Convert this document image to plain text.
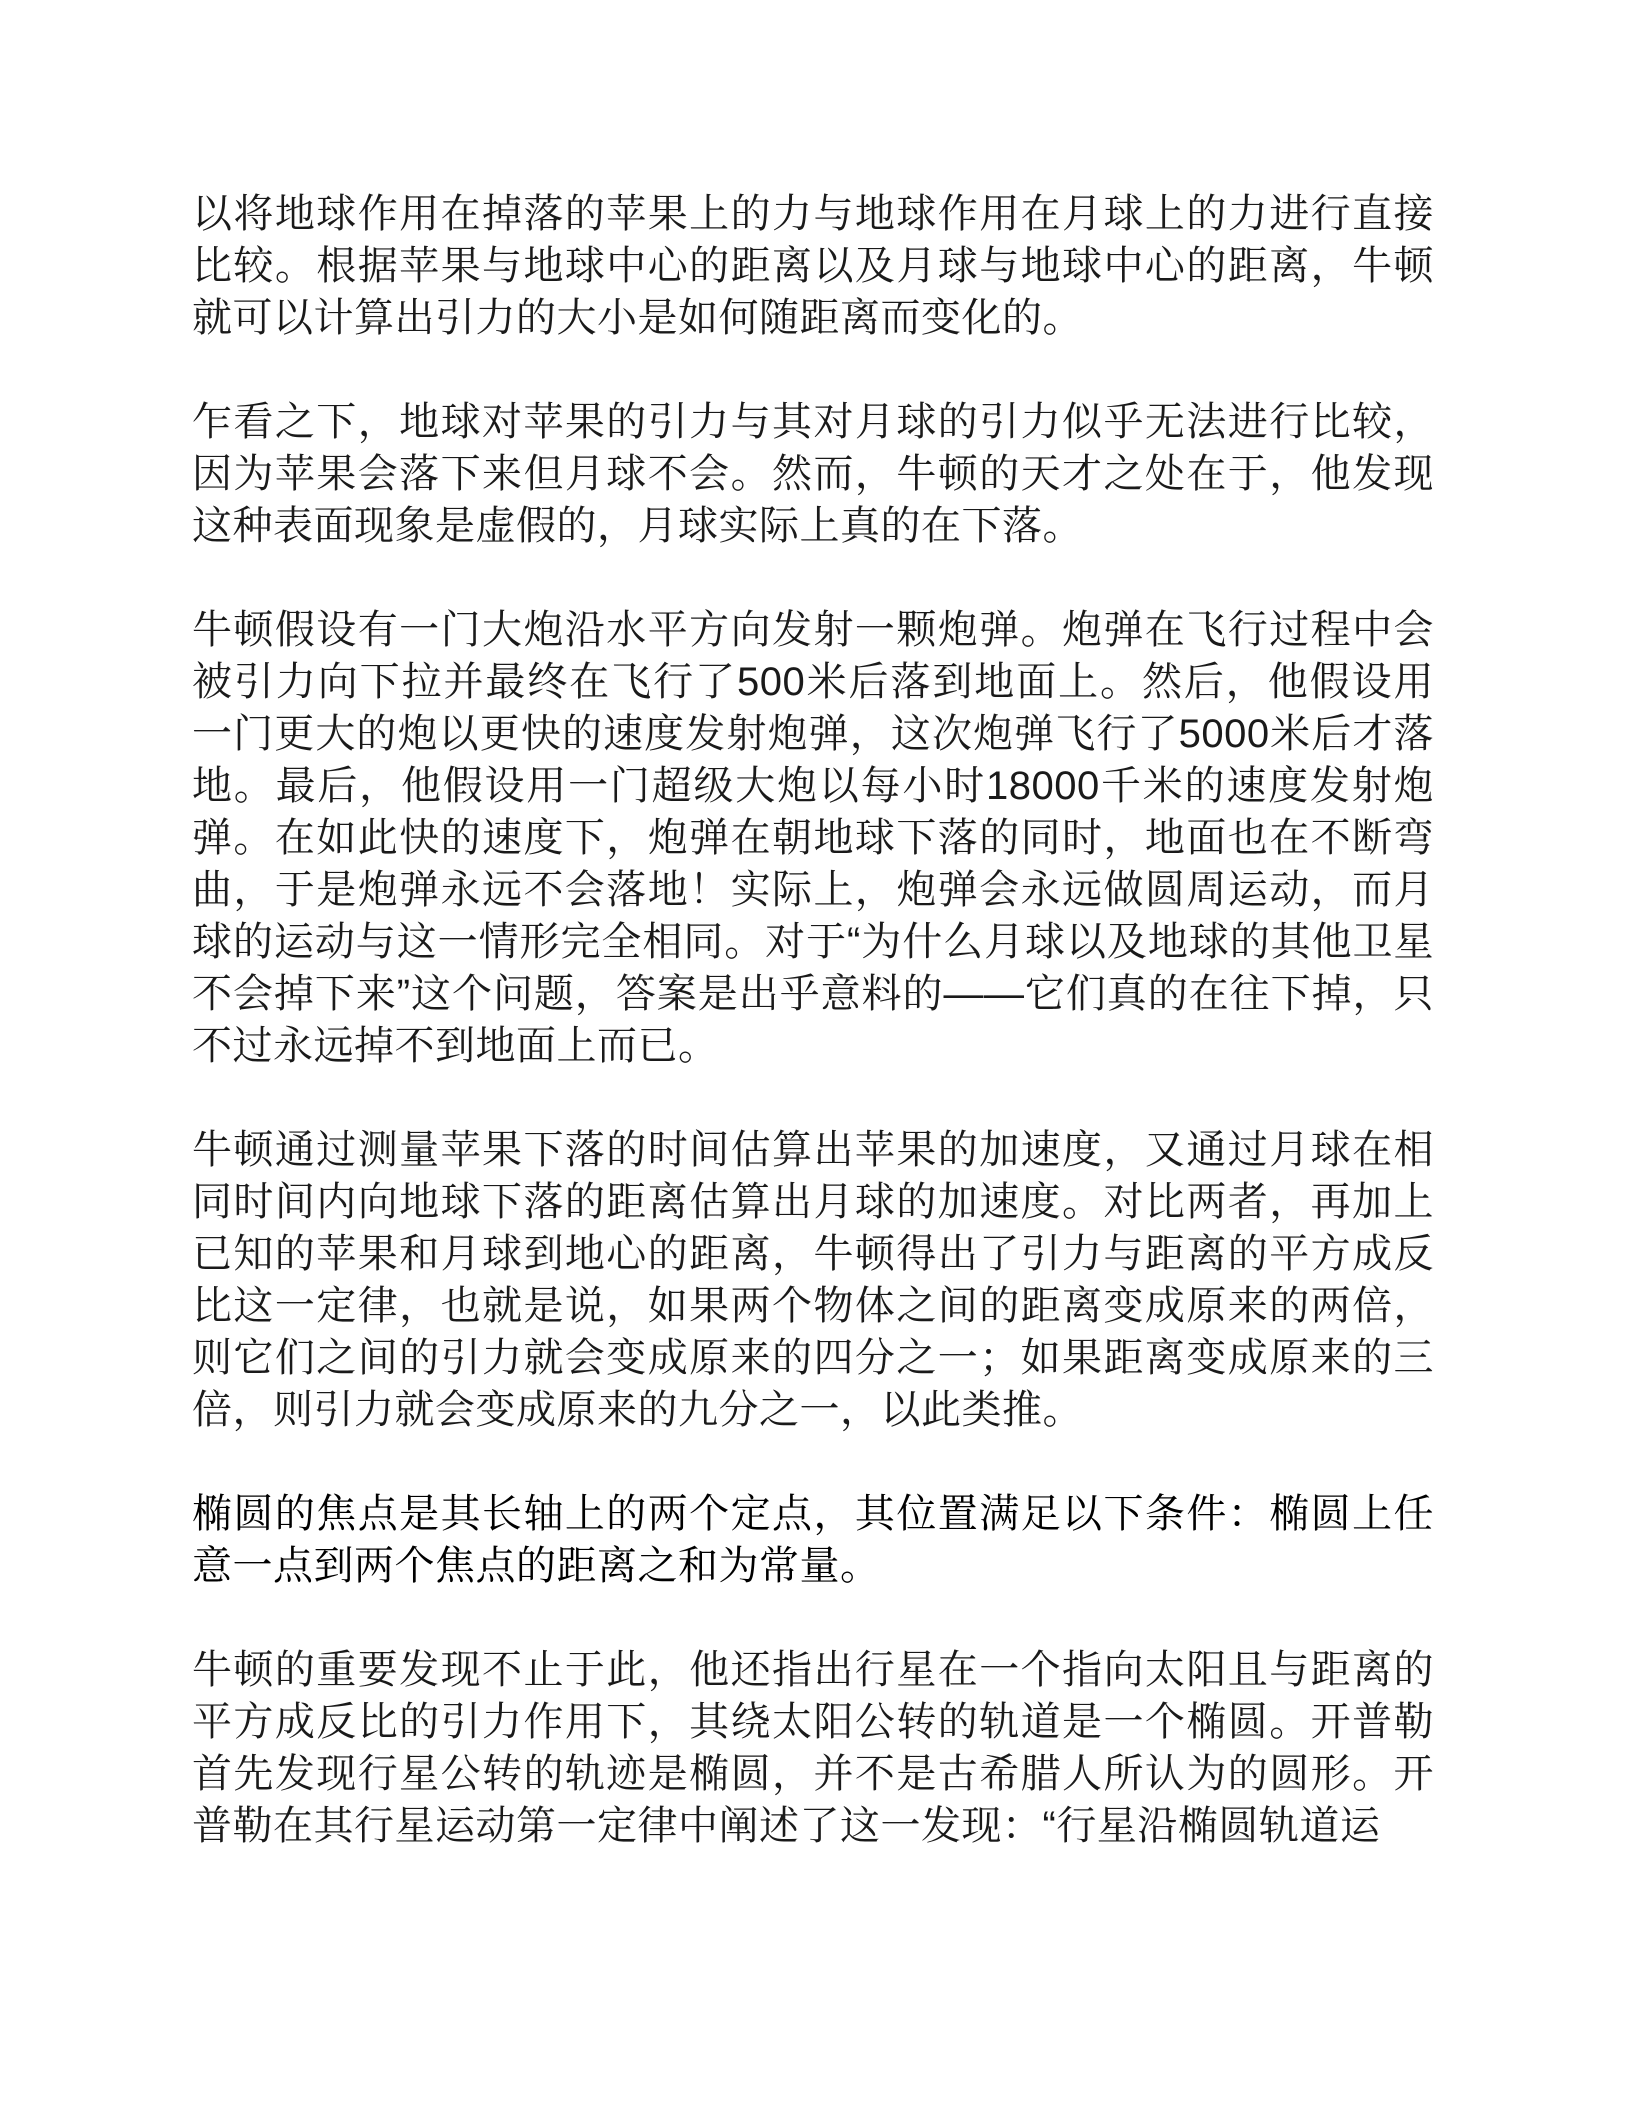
以将地球作用在掉落的苹果上的力与地球作用在月球上的力进行直接比较。根据苹果与地球中心的距离以及月球与地球中心的距离，牛顿就可以计算出引力的大小是如何随距离而变化的。

乍看之下，地球对苹果的引力与其对月球的引力似乎无法进行比较，因为苹果会落下来但月球不会。然而，牛顿的天才之处在于，他发现这种表面现象是虚假的，月球实际上真的在下落。

牛顿假设有一门大炮沿水平方向发射一颗炮弹。炮弹在飞行过程中会被引力向下拉并最终在飞行了500米后落到地面上。然后，他假设用一门更大的炮以更快的速度发射炮弹，这次炮弹飞行了5000米后才落地。最后，他假设用一门超级大炮以每小时18000千米的速度发射炮弹。在如此快的速度下，炮弹在朝地球下落的同时，地面也在不断弯曲，于是炮弹永远不会落地！实际上，炮弹会永远做圆周运动，而月球的运动与这一情形完全相同。对于“为什么月球以及地球的其他卫星不会掉下来”这个问题，答案是出乎意料的——它们真的在往下掉，只不过永远掉不到地面上而已。

牛顿通过测量苹果下落的时间估算出苹果的加速度，又通过月球在相同时间内向地球下落的距离估算出月球的加速度。对比两者，再加上已知的苹果和月球到地心的距离，牛顿得出了引力与距离的平方成反比这一定律，也就是说，如果两个物体之间的距离变成原来的两倍，则它们之间的引力就会变成原来的四分之一；如果距离变成原来的三倍，则引力就会变成原来的九分之一，以此类推。

椭圆的焦点是其长轴上的两个定点，其位置满足以下条件：椭圆上任意一点到两个焦点的距离之和为常量。

牛顿的重要发现不止于此，他还指出行星在一个指向太阳且与距离的平方成反比的引力作用下，其绕太阳公转的轨道是一个椭圆。开普勒首先发现行星公转的轨迹是椭圆，并不是古希腊人所认为的圆形。开普勒在其行星运动第一定律中阐述了这一发现：“行星沿椭圆轨道运
